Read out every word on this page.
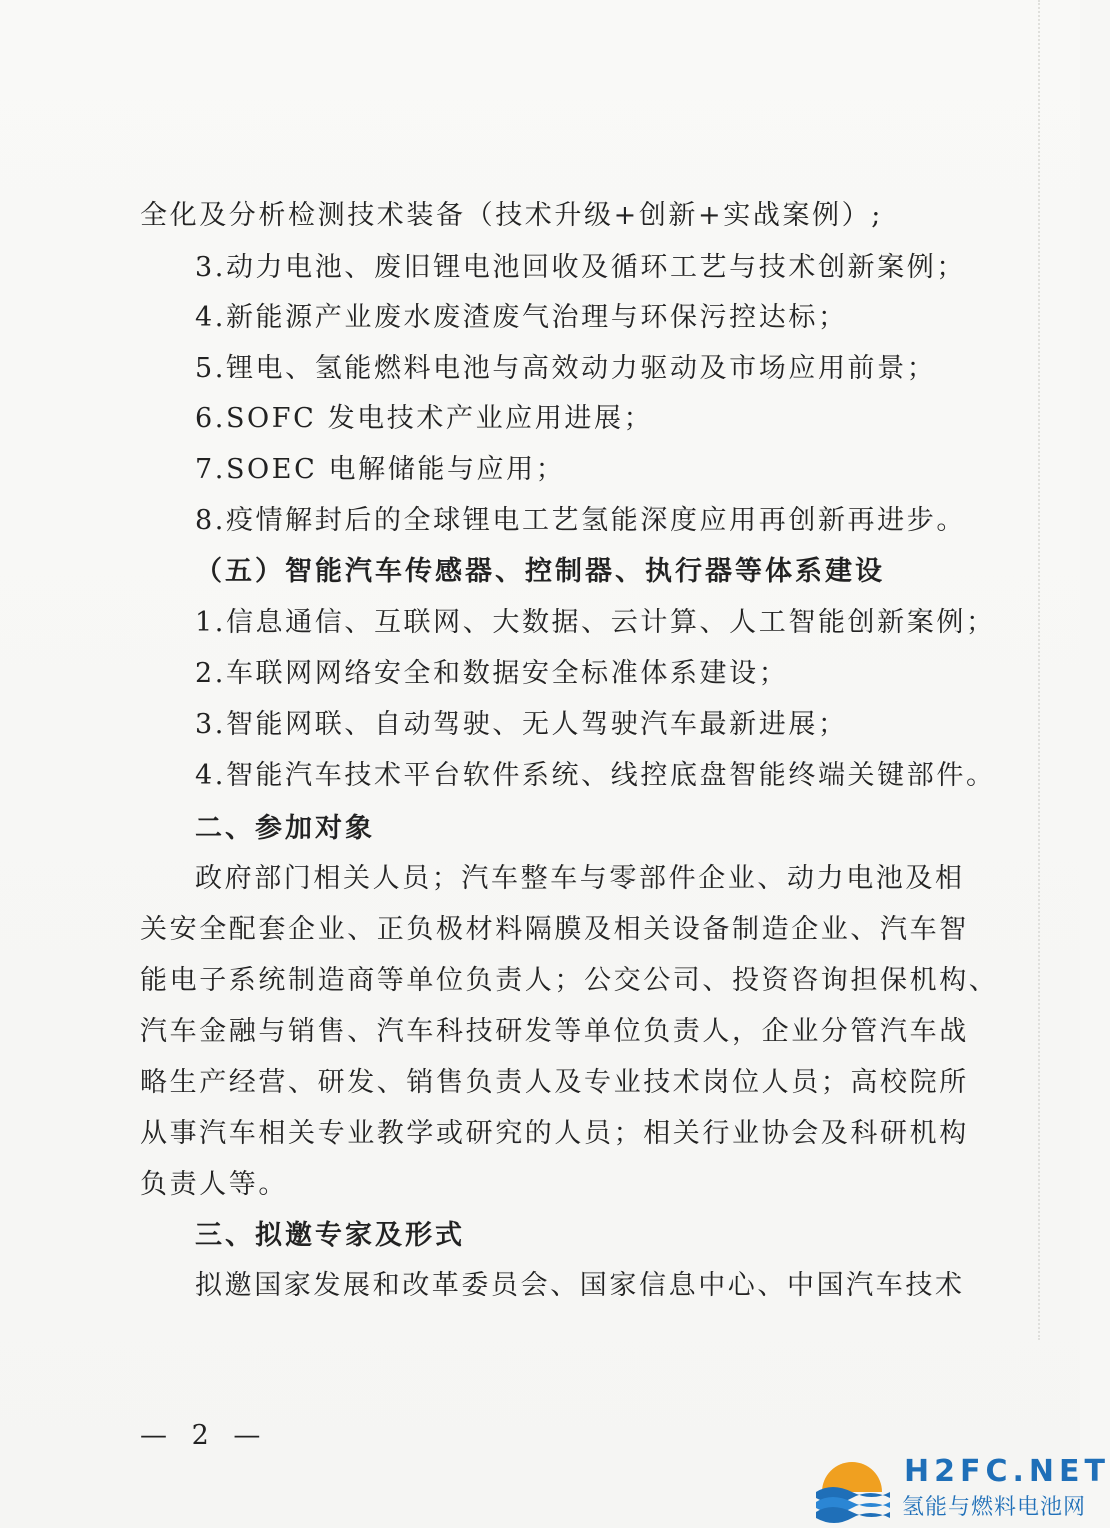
全化及分析检测技术装备（技术升级+创新+实战案例）;
3.动力电池、废旧锂电池回收及循环工艺与技术创新案例；
4.新能源产业废水废渣废气治理与环保污控达标；
5.锂电、氢能燃料电池与高效动力驱动及市场应用前景；
6.SOFC 发电技术产业应用进展；
7.SOEC 电解储能与应用；
8.疫情解封后的全球锂电工艺氢能深度应用再创新再进步。
（五）智能汽车传感器、控制器、执行器等体系建设
1.信息通信、互联网、大数据、云计算、人工智能创新案例；
2.车联网网络安全和数据安全标准体系建设；
3.智能网联、自动驾驶、无人驾驶汽车最新进展；
4.智能汽车技术平台软件系统、线控底盘智能终端关键部件。
二、参加对象
政府部门相关人员；汽车整车与零部件企业、动力电池及相
关安全配套企业、正负极材料隔膜及相关设备制造企业、汽车智
能电子系统制造商等单位负责人；公交公司、投资咨询担保机构、
汽车金融与销售、汽车科技研发等单位负责人，企业分管汽车战
略生产经营、研发、销售负责人及专业技术岗位人员；高校院所
从事汽车相关专业教学或研究的人员；相关行业协会及科研机构
负责人等。
三、拟邀专家及形式
拟邀国家发展和改革委员会、国家信息中心、中国汽车技术
— 2 —
H2FC.NET
氢能与燃料电池网
